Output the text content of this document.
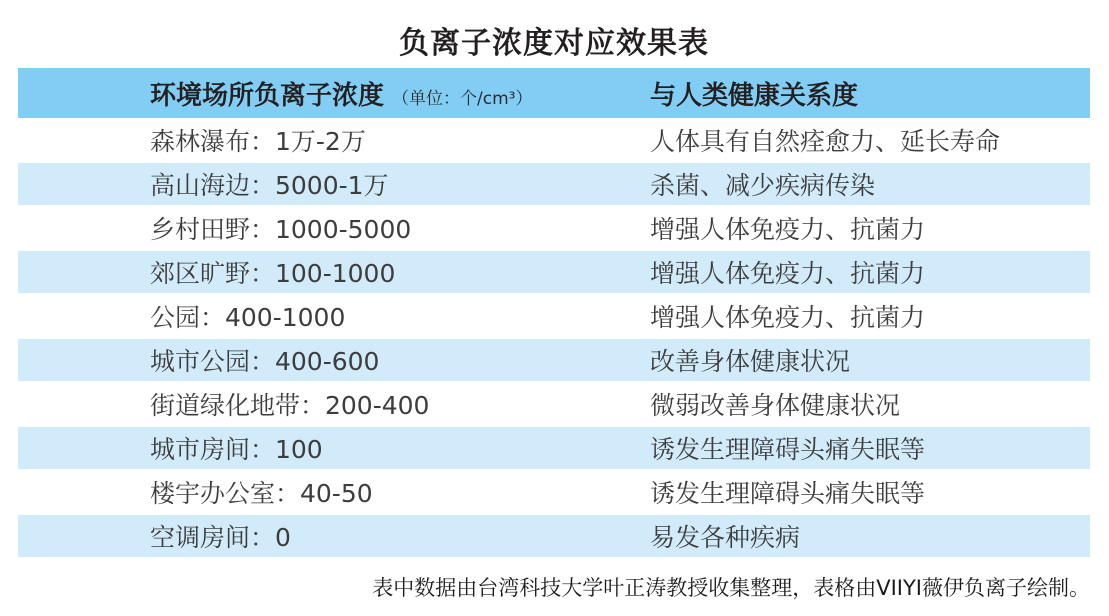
负离子浓度对应效果表
环境场所负离子浓度 （单位：个/cm³）	与人类健康关系度
森林瀑布：1万-2万	人体具有自然痊愈力、延长寿命
高山海边：5000-1万	杀菌、减少疾病传染
乡村田野：1000-5000	增强人体免疫力、抗菌力
郊区旷野：100-1000	增强人体免疫力、抗菌力
公园：400-1000	增强人体免疫力、抗菌力
城市公园：400-600	改善身体健康状况
街道绿化地带：200-400	微弱改善身体健康状况
城市房间：100	诱发生理障碍头痛失眠等
楼宇办公室：40-50	诱发生理障碍头痛失眠等
空调房间：0	易发各种疾病
表中数据由台湾科技大学叶正涛教授收集整理，表格由VIIYI薇伊负离子绘制。
